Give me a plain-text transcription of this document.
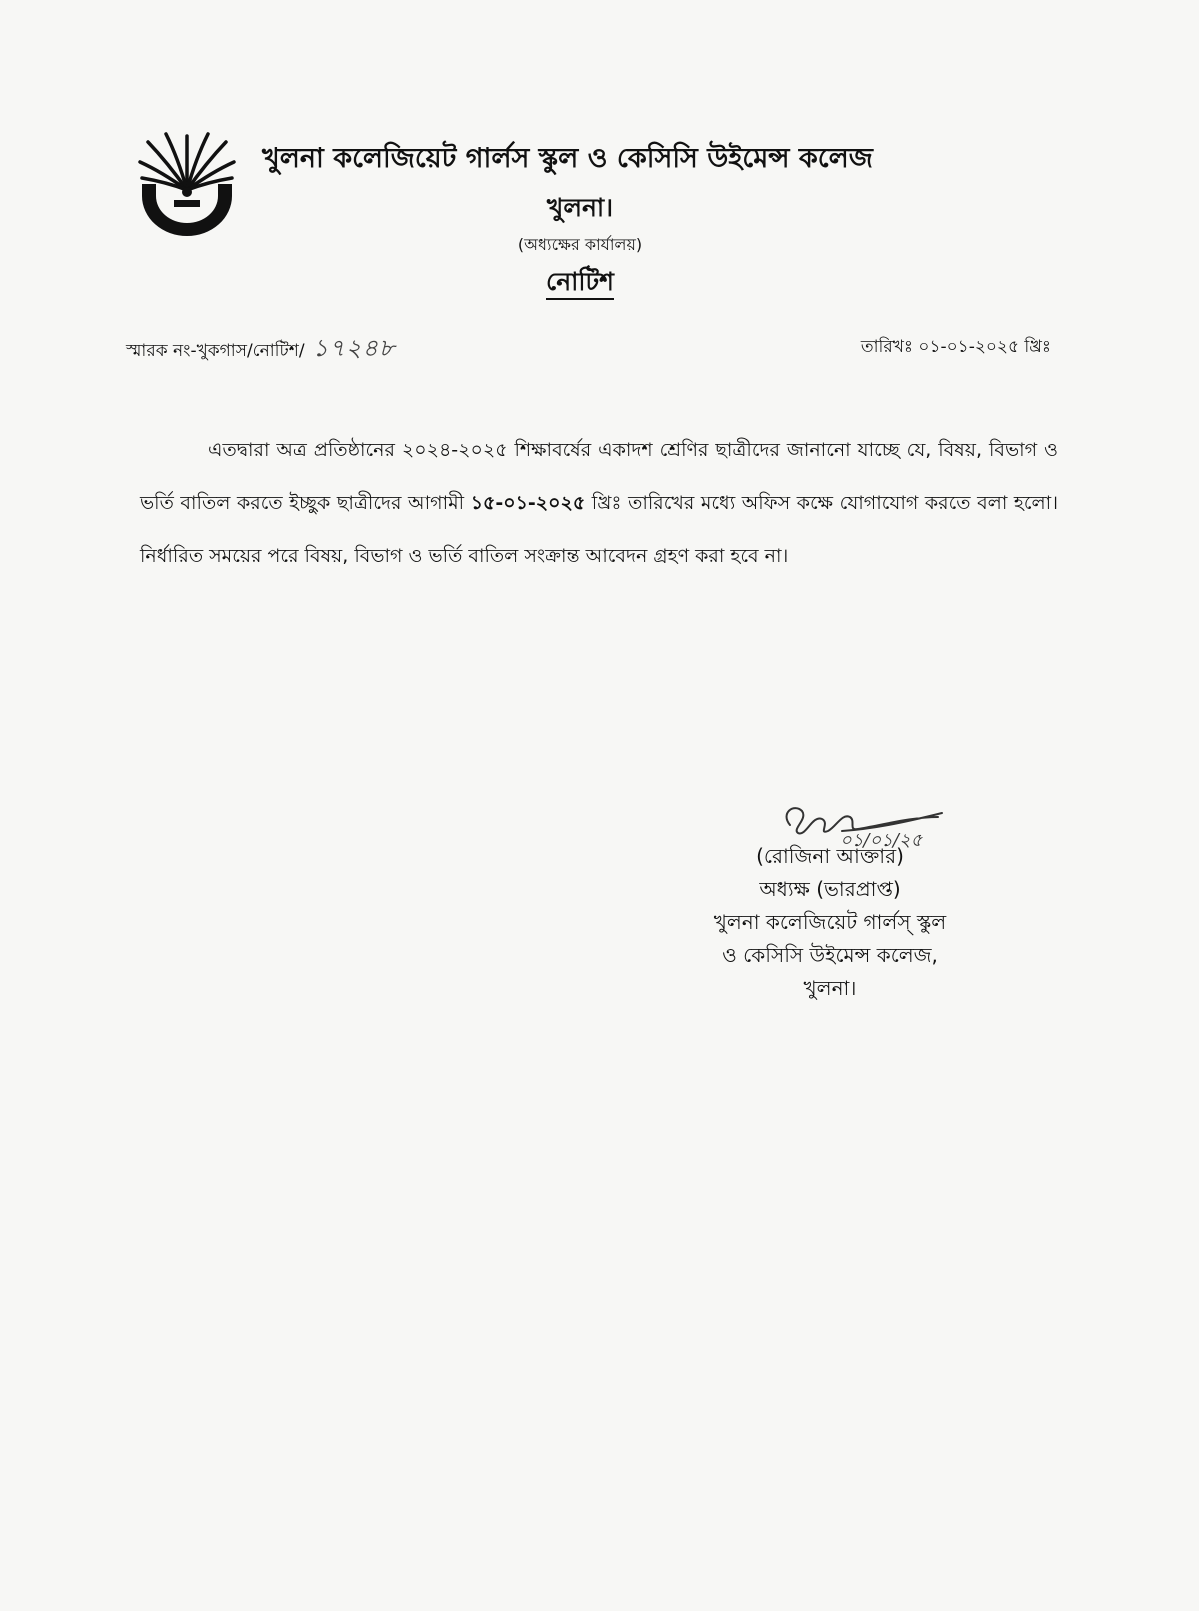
খুলনা কলেজিয়েট গার্লস স্কুল ও কেসিসি উইমেন্স কলেজ
খুলনা।
(অধ্যক্ষের কার্যালয়)
নোটিশ
স্মারক নং-খুকগাস/নোটিশ/ ১৭২৪৮	তারিখঃ ০১-০১-২০২৫ খ্রিঃ

এতদ্বারা অত্র প্রতিষ্ঠানের ২০২৪-২০২৫ শিক্ষাবর্ষের একাদশ শ্রেণির ছাত্রীদের জানানো যাচ্ছে যে, বিষয়, বিভাগ ও ভর্তি বাতিল করতে ইচ্ছুক ছাত্রীদের আগামী ১৫-০১-২০২৫ খ্রিঃ তারিখের মধ্যে অফিস কক্ষে যোগাযোগ করতে বলা হলো। নির্ধারিত সময়ের পরে বিষয়, বিভাগ ও ভর্তি বাতিল সংক্রান্ত আবেদন গ্রহণ করা হবে না।

০১/০১/২৫
(রোজিনা আক্তার)
অধ্যক্ষ (ভারপ্রাপ্ত)
খুলনা কলেজিয়েট গার্লস্ স্কুল
ও কেসিসি উইমেন্স কলেজ,
খুলনা।
